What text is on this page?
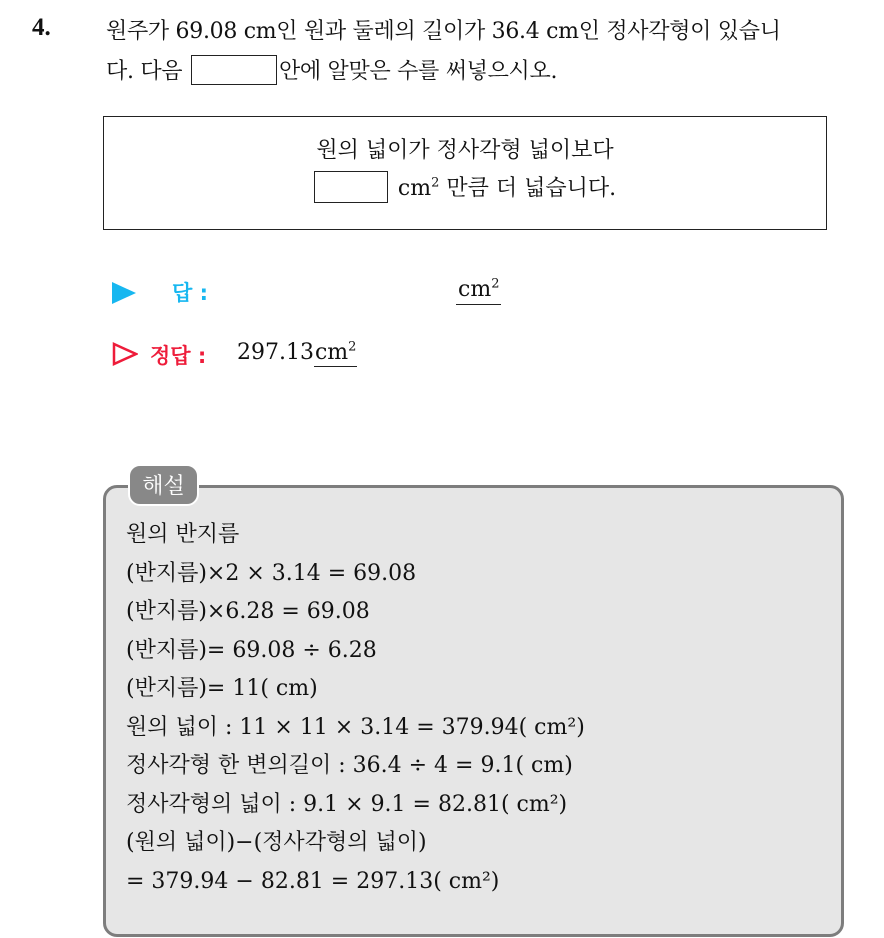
4.	원주가 69.08 cm인 원과 둘레의 길이가 36.4 cm인 정사각형이 있습니
다. 다음	안에 알맞은 수를 써넣으시오.
원의 넓이가 정사각형 넓이보다
$cm^2$ 만큼 더 넓습니다.
답 :	$cm^2$
정답 : $297.13cm^2$
해설
원의 반지름
(반지름)×2 × 3.14 = 69.08
(반지름)×6.28 = 69.08
(반지름)= 69.08 ÷ 6.28
(반지름)= 11( cm)
원의 넓이 : 11 × 11 × 3.14 = 379.94( cm²)
정사각형 한 변의길이 : 36.4 ÷ 4 = 9.1( cm)
정사각형의 넓이 : 9.1 × 9.1 = 82.81( cm²)
(원의 넓이)−(정사각형의 넓이)
= 379.94 − 82.81 = 297.13( cm²)
